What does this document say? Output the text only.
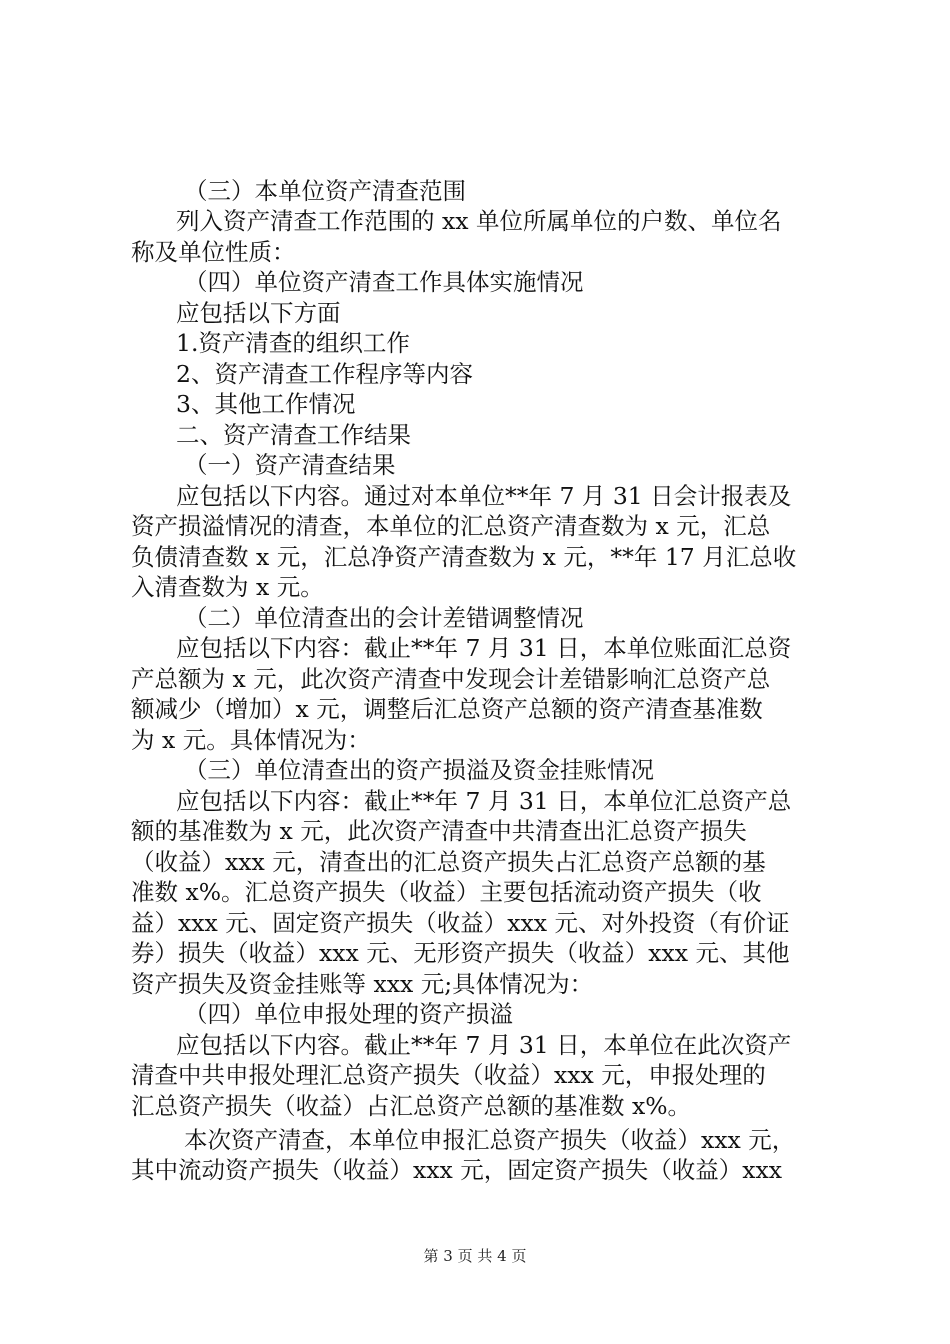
（三）本单位资产清查范围

列入资产清查工作范围的 xx 单位所属单位的户数、单位名

称及单位性质：

（四）单位资产清查工作具体实施情况

应包括以下方面

1.资产清查的组织工作

2、资产清查工作程序等内容

3、其他工作情况

二、资产清查工作结果

（一）资产清查结果

应包括以下内容。通过对本单位**年 7 月 31 日会计报表及

资产损溢情况的清查，本单位的汇总资产清查数为 x 元，汇总

负债清查数 x 元，汇总净资产清查数为 x 元，**年 17 月汇总收

入清查数为 x 元。

（二）单位清查出的会计差错调整情况

应包括以下内容：截止**年 7 月 31 日，本单位账面汇总资

产总额为 x 元，此次资产清查中发现会计差错影响汇总资产总

额减少（增加）x 元，调整后汇总资产总额的资产清查基准数

为 x 元。具体情况为：

（三）单位清查出的资产损溢及资金挂账情况

应包括以下内容：截止**年 7 月 31 日，本单位汇总资产总

额的基准数为 x 元，此次资产清查中共清查出汇总资产损失

（收益）xxx 元，清查出的汇总资产损失占汇总资产总额的基

准数 x%。汇总资产损失（收益）主要包括流动资产损失（收

益）xxx 元、固定资产损失（收益）xxx 元、对外投资（有价证

券）损失（收益）xxx 元、无形资产损失（收益）xxx 元、其他

资产损失及资金挂账等 xxx 元;具体情况为：

（四）单位申报处理的资产损溢

应包括以下内容。截止**年 7 月 31 日，本单位在此次资产

清查中共申报处理汇总资产损失（收益）xxx 元，申报处理的

汇总资产损失（收益）占汇总资产总额的基准数 x%。

本次资产清查，本单位申报汇总资产损失（收益）xxx 元，

其中流动资产损失（收益）xxx 元，固定资产损失（收益）xxx

第 3 页 共 4 页
